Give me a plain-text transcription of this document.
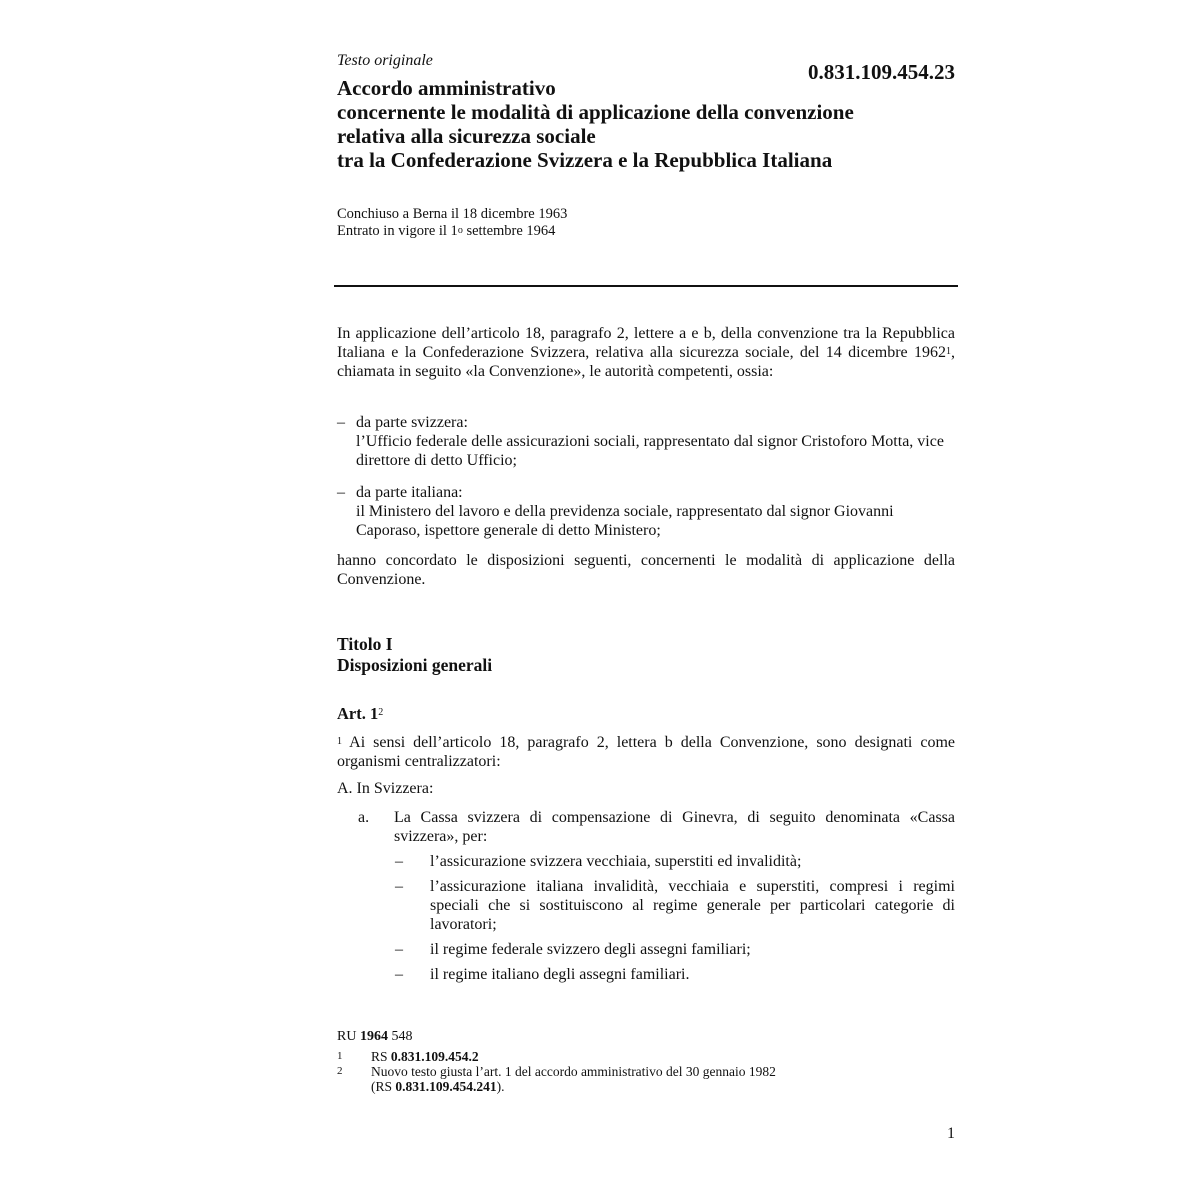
Testo originale	0.831.109.454.23
Accordo amministrativo
concernente le modalità di applicazione della convenzione
relativa alla sicurezza sociale
tra la Confederazione Svizzera e la Repubblica Italiana
Conchiuso a Berna il 18 dicembre 1963
Entrato in vigore il 1$^o$ settembre 1964
In applicazione dell’articolo 18, paragrafo 2, lettere a e b, della convenzione tra la Repubblica Italiana e la Confederazione Svizzera, relativa alla sicurezza sociale, del 14 dicembre 1962$^1$, chiamata in seguito «la Convenzione», le autorità competenti, ossia:
– da parte svizzera:
l’Ufficio federale delle assicurazioni sociali, rappresentato dal signor Cristoforo Motta, vice direttore di detto Ufficio;
– da parte italiana:
il Ministero del lavoro e della previdenza sociale, rappresentato dal signor Giovanni Caporaso, ispettore generale di detto Ministero;
hanno concordato le disposizioni seguenti, concernenti le modalità di applicazione della Convenzione.
Titolo I
Disposizioni generali
Art. $1^2$
$^1$ Ai sensi dell’articolo 18, paragrafo 2, lettera b della Convenzione, sono designati come organismi centralizzatori:
A. In Svizzera:
a. La Cassa svizzera di compensazione di Ginevra, di seguito denominata «Cassa svizzera», per:
– l’assicurazione svizzera vecchiaia, superstiti ed invalidità;
– l’assicurazione italiana invalidità, vecchiaia e superstiti, compresi i regimi speciali che si sostituiscono al regime generale per particolari categorie di lavoratori;
– il regime federale svizzero degli assegni familiari;
– il regime italiano degli assegni familiari.
RU 1964 548
1 RS 0.831.109.454.2
2 Nuovo testo giusta l’art. 1 del accordo amministrativo del 30 gennaio 1982
(RS 0.831.109.454.241).
1
